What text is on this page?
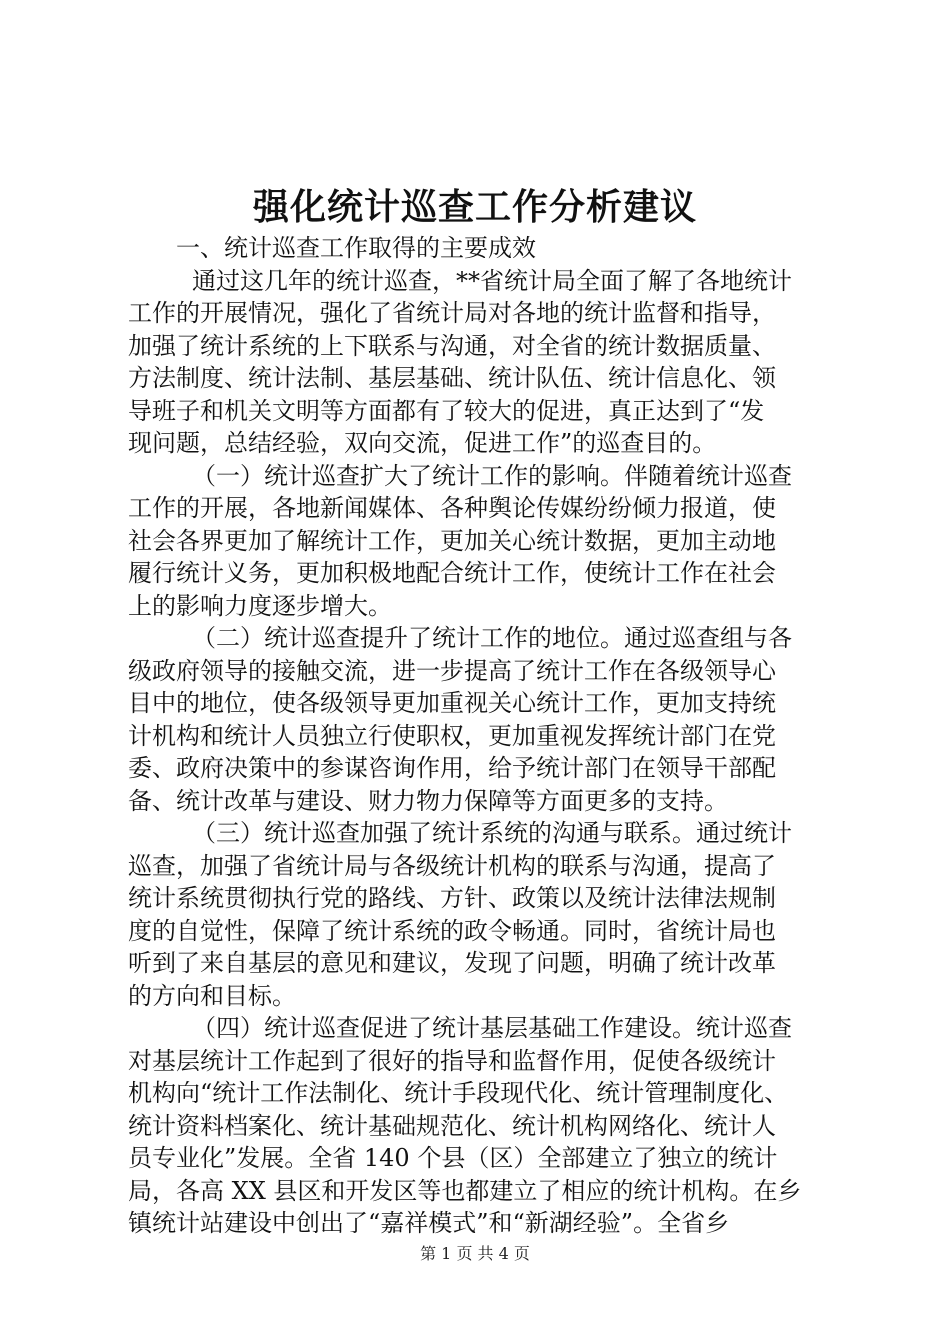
强化统计巡查工作分析建议
一、统计巡查工作取得的主要成效
通过这几年的统计巡查，**省统计局全面了解了各地统计
工作的开展情况，强化了省统计局对各地的统计监督和指导，
加强了统计系统的上下联系与沟通，对全省的统计数据质量、
方法制度、统计法制、基层基础、统计队伍、统计信息化、领
导班子和机关文明等方面都有了较大的促进，真正达到了“发
现问题，总结经验，双向交流，促进工作”的巡查目的。
（一）统计巡查扩大了统计工作的影响。伴随着统计巡查
工作的开展，各地新闻媒体、各种舆论传媒纷纷倾力报道，使
社会各界更加了解统计工作，更加关心统计数据，更加主动地
履行统计义务，更加积极地配合统计工作，使统计工作在社会
上的影响力度逐步增大。
（二）统计巡查提升了统计工作的地位。通过巡查组与各
级政府领导的接触交流，进一步提高了统计工作在各级领导心
目中的地位，使各级领导更加重视关心统计工作，更加支持统
计机构和统计人员独立行使职权，更加重视发挥统计部门在党
委、政府决策中的参谋咨询作用，给予统计部门在领导干部配
备、统计改革与建设、财力物力保障等方面更多的支持。
（三）统计巡查加强了统计系统的沟通与联系。通过统计
巡查，加强了省统计局与各级统计机构的联系与沟通，提高了
统计系统贯彻执行党的路线、方针、政策以及统计法律法规制
度的自觉性，保障了统计系统的政令畅通。同时，省统计局也
听到了来自基层的意见和建议，发现了问题，明确了统计改革
的方向和目标。
（四）统计巡查促进了统计基层基础工作建设。统计巡查
对基层统计工作起到了很好的指导和监督作用，促使各级统计
机构向“统计工作法制化、统计手段现代化、统计管理制度化、
统计资料档案化、统计基础规范化、统计机构网络化、统计人
员专业化”发展。全省 140 个县（区）全部建立了独立的统计
局，各高 XX 县区和开发区等也都建立了相应的统计机构。在乡
镇统计站建设中创出了“嘉祥模式”和“新湖经验”。全省乡
第 1 页 共 4 页
